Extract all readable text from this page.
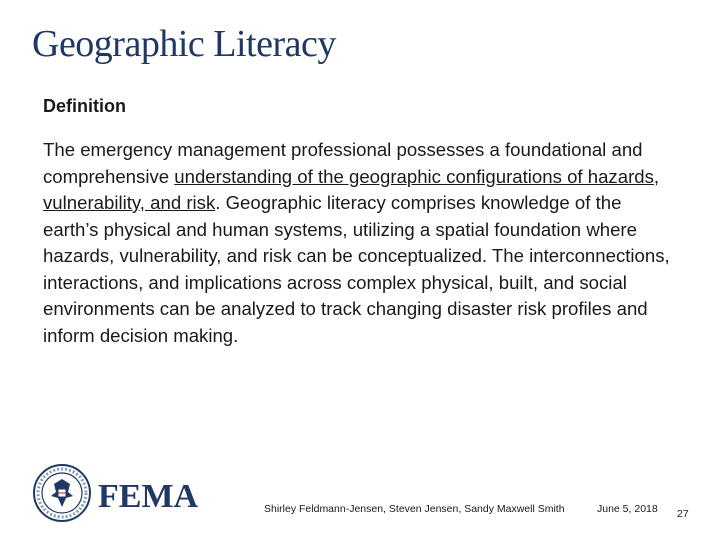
Geographic Literacy
Definition
The emergency management professional possesses a foundational and comprehensive understanding of the geographic configurations of hazards, vulnerability, and risk. Geographic literacy comprises knowledge of the earth’s physical and human systems, utilizing a spatial foundation where hazards, vulnerability, and risk can be conceptualized. The interconnections, interactions, and implications across complex physical, built, and social environments can be analyzed to track changing disaster risk profiles and inform decision making.
FEMA	Shirley Feldmann-Jensen, Steven Jensen, Sandy Maxwell Smith	June 5, 2018 27
